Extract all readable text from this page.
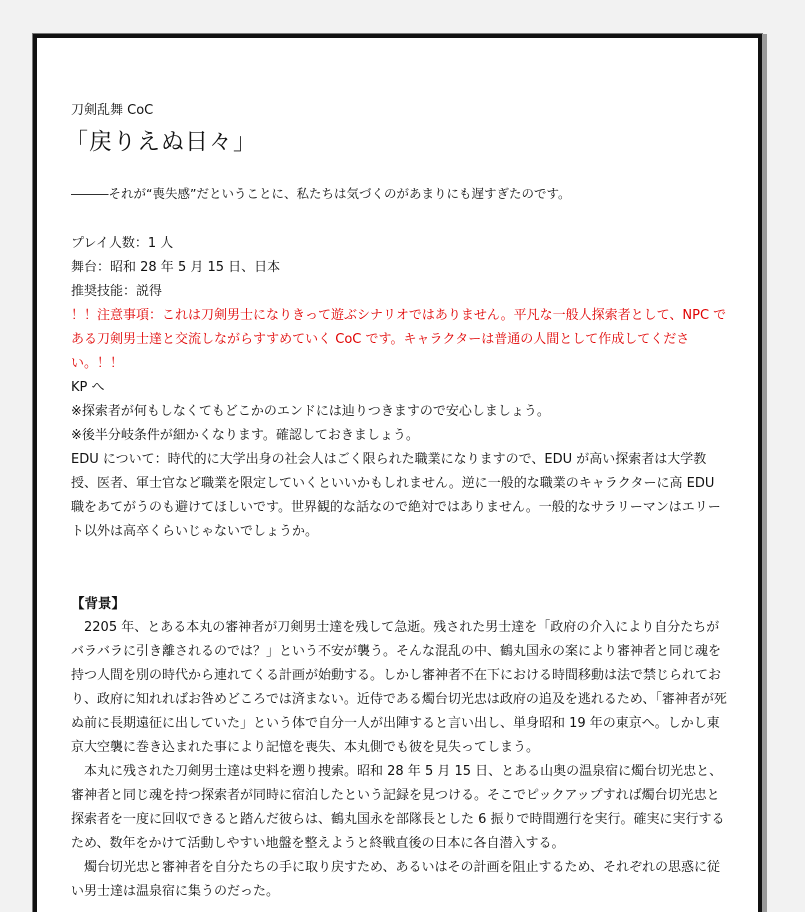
刀剣乱舞 CoC

「戻りえぬ日々」
―――それが“喪失感”だということに、私たちは気づくのがあまりにも遅すぎたのです。
プレイ人数：1 人
舞台：昭和 28 年 5 月 15 日、日本
推奨技能：説得
！！注意事項：これは刀剣男士になりきって遊ぶシナリオではありません。平凡な一般人探索者として、NPC である刀剣男士達と交流しながらすすめていく CoC です。キャラクターは普通の人間として作成してください。！！
KP へ
※探索者が何もしなくてもどこかのエンドには辿りつきますので安心しましょう。
※後半分岐条件が細かくなります。確認しておきましょう。
EDU について：時代的に大学出身の社会人はごく限られた職業になりますので、EDU が高い探索者は大学教授、医者、軍士官など職業を限定していくといいかもしれません。逆に一般的な職業のキャラクターに高 EDU 職をあてがうのも避けてほしいです。世界観的な話なので絶対ではありません。一般的なサラリーマンはエリート以外は高卒くらいじゃないでしょうか。
【背景】

2205 年、とある本丸の審神者が刀剣男士達を残して急逝。残された男士達を「政府の介入により自分たちがバラバラに引き離されるのでは？」という不安が襲う。そんな混乱の中、鶴丸国永の案により審神者と同じ魂を持つ人間を別の時代から連れてくる計画が始動する。しかし審神者不在下における時間移動は法で禁じられており、政府に知れればお咎めどころでは済まない。近侍である燭台切光忠は政府の追及を逃れるため、「審神者が死ぬ前に長期遠征に出していた」という体で自分一人が出陣すると言い出し、単身昭和 19 年の東京へ。しかし東京大空襲に巻き込まれた事により記憶を喪失、本丸側でも彼を見失ってしまう。

本丸に残された刀剣男士達は史料を遡り捜索。昭和 28 年 5 月 15 日、とある山奥の温泉宿に燭台切光忠と、審神者と同じ魂を持つ探索者が同時に宿泊したという記録を見つける。そこでピックアップすれば燭台切光忠と探索者を一度に回収できると踏んだ彼らは、鶴丸国永を部隊長とした 6 振りで時間遡行を実行。確実に実行するため、数年をかけて活動しやすい地盤を整えようと終戦直後の日本に各自潜入する。

燭台切光忠と審神者を自分たちの手に取り戻すため、あるいはその計画を阻止するため、それぞれの思惑に従い男士達は温泉宿に集うのだった。
